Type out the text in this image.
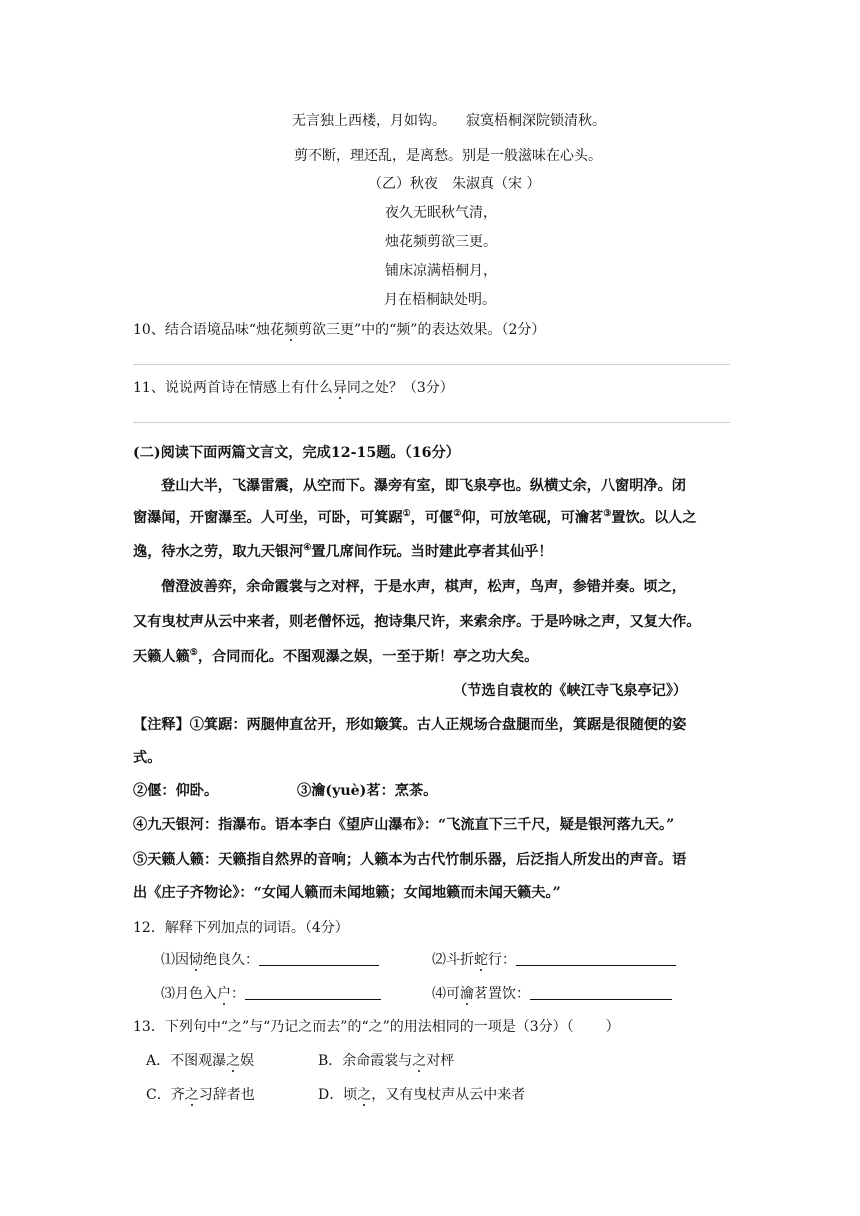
无言独上西楼，月如钩。 寂寞梧桐深院锁清秋。
剪不断，理还乱，是离愁。别是一般滋味在心头。
（乙）秋夜　朱淑真（宋 ）
夜久无眠秋气清，
烛花频剪欲三更。
铺床凉满梧桐月，
月在梧桐缺处明。
10、结合语境品味“烛花频剪欲三更”中的“频”的表达效果。（2分）
11、说说两首诗在情感上有什么异同之处？（3分）
(二)阅读下面两篇文言文，完成12-15题。（16分）
登山大半，飞瀑雷震，从空而下。瀑旁有室，即飞泉亭也。纵横丈余，八窗明净。闭
窗瀑闻，开窗瀑至。人可坐，可卧，可箕踞①，可偃②仰，可放笔砚，可瀹茗③置饮。以人之
逸，待水之劳，取九天银河④置几席间作玩。当时建此亭者其仙乎！
僧澄波善弈，余命霞裳与之对枰，于是水声，棋声，松声，鸟声，参错并奏。顷之，
又有曳杖声从云中来者，则老僧怀远，抱诗集尺许，来索余序。于是吟咏之声，又复大作。
天籁人籁⑤，合同而化。不图观瀑之娱，一至于斯！亭之功大矣。
（节选自袁枚的《峡江寺飞泉亭记》）
【注释】①箕踞：两腿伸直岔开，形如簸箕。古人正规场合盘腿而坐，箕踞是很随便的姿
式。
②偃：仰卧。	③瀹(yuè)茗：烹茶。
④九天银河：指瀑布。语本李白《望庐山瀑布》：“飞流直下三千尺，疑是银河落九天。”
⑤天籁人籁：天籁指自然界的音响；人籁本为古代竹制乐器，后泛指人所发出的声音。语
出《庄子齐物论》：“女闻人籁而未闻地籁；女闻地籁而未闻天籁夫。”
12．解释下列加点的词语。（4分）
⑴因恸绝良久：	⑵斗折蛇行：
⑶月色入户：	⑷可瀹茗置饮：
13．下列句中“之”与“乃记之而去”的“之”的用法相同的一项是（3分）（ ）
A．不图观瀑之娱	B．余命霞裳与之对枰
C．齐之习辞者也	D．顷之，又有曳杖声从云中来者
